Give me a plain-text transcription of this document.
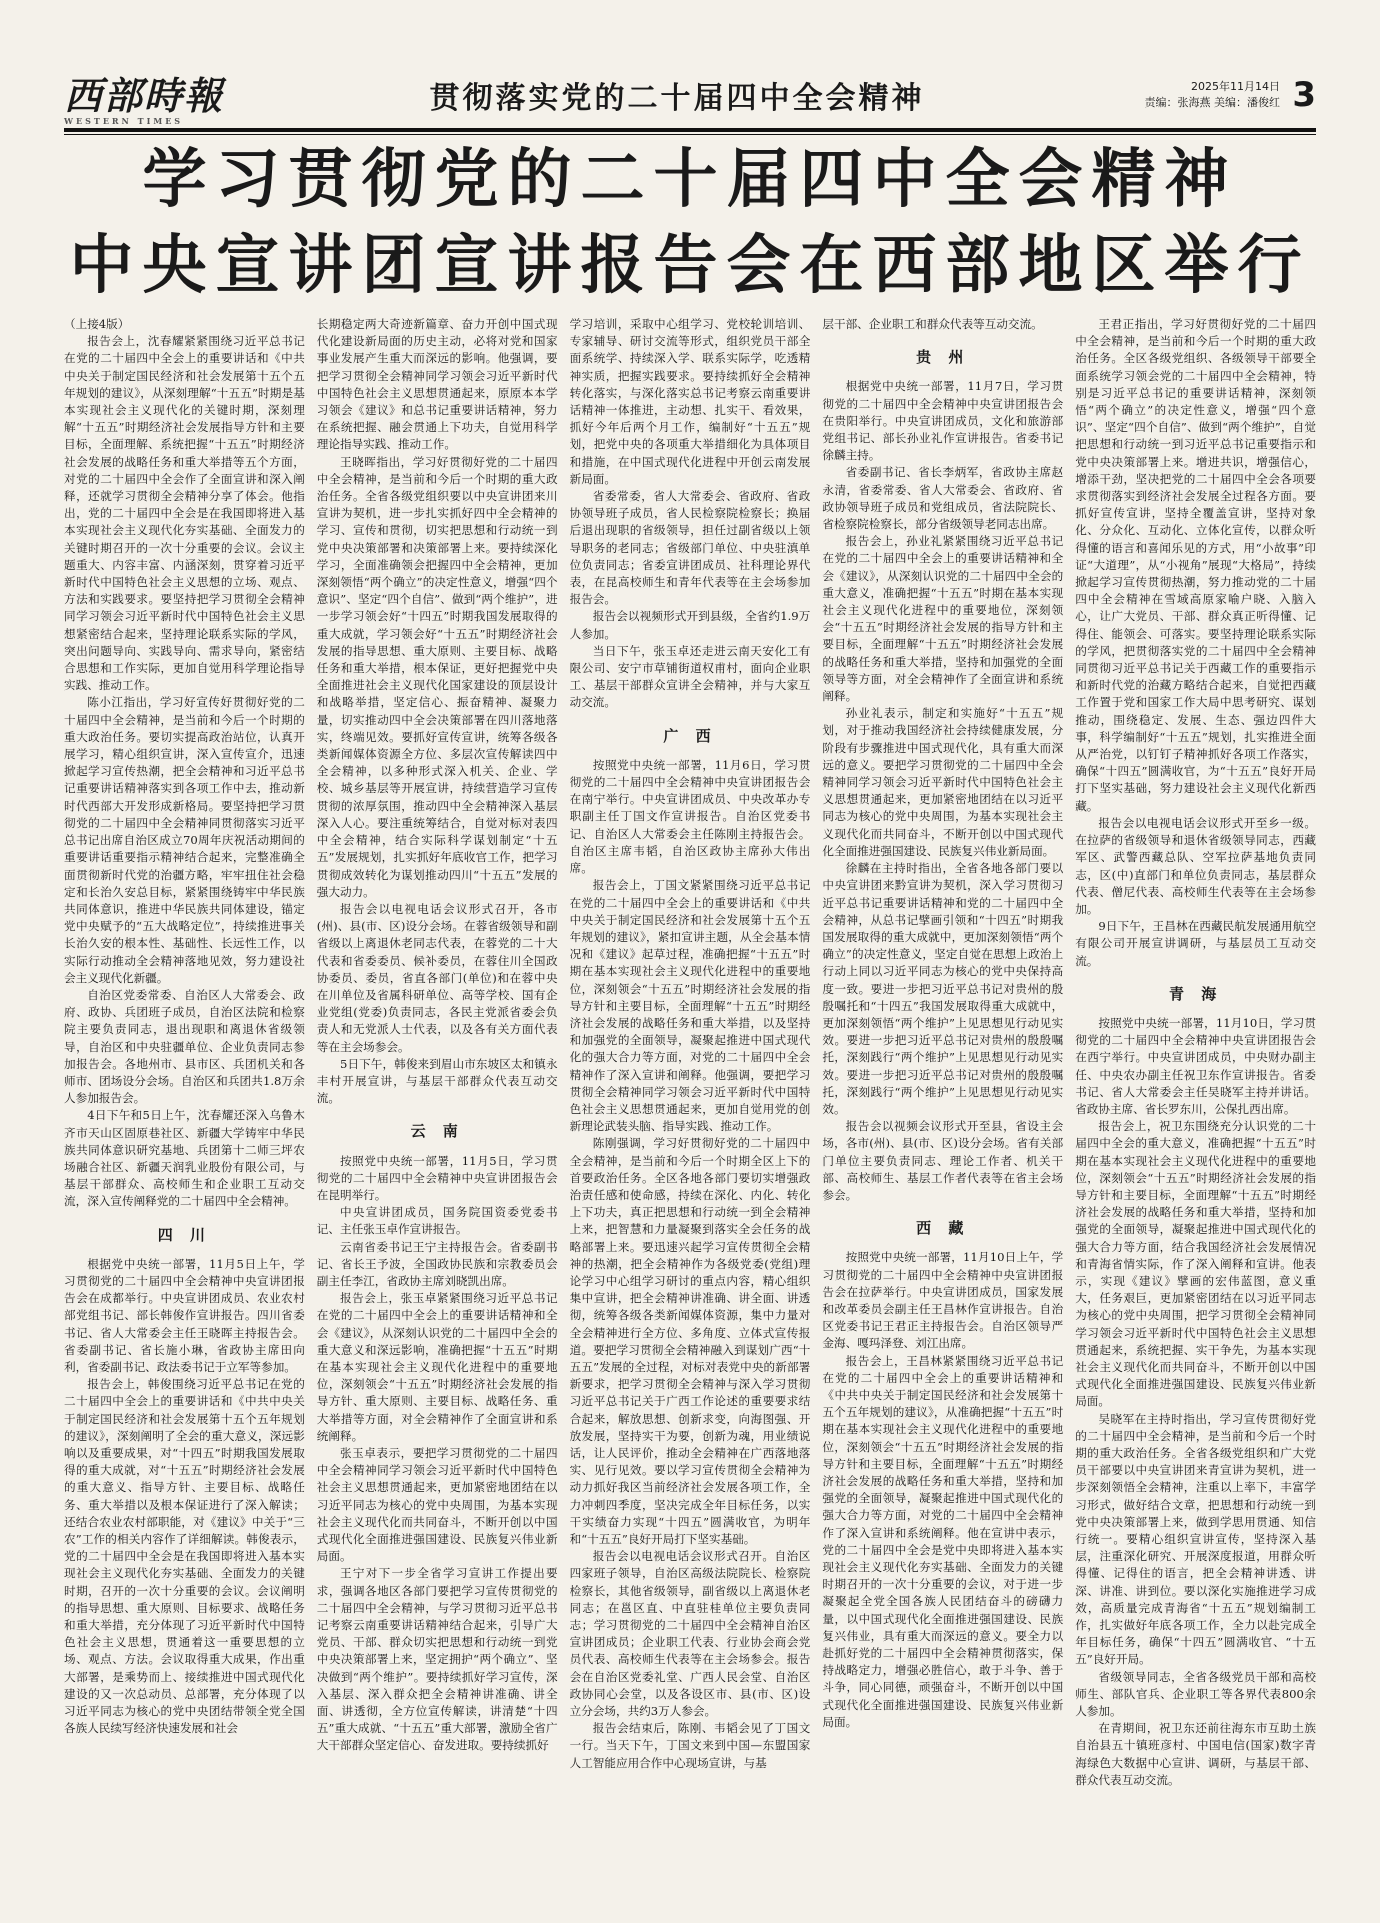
西部時報
WESTERN TIMES
贯彻落实党的二十届四中全会精神	2025年11月14日
责编：张海燕 美编：潘俊红 3
学习贯彻党的二十届四中全会精神
中央宣讲团宣讲报告会在西部地区举行

（上接4版）

报告会上，沈春耀紧紧围绕习近平总书记在党的二十届四中全会上的重要讲话和《中共中央关于制定国民经济和社会发展第十五个五年规划的建议》，从深刻理解“十五五”时期是基本实现社会主义现代化的关键时期，深刻理解“十五五”时期经济社会发展指导方针和主要目标，全面理解、系统把握“十五五”时期经济社会发展的战略任务和重大举措等五个方面，对党的二十届四中全会作了全面宣讲和深入阐释，还就学习贯彻全会精神分享了体会。他指出，党的二十届四中全会是在我国即将进入基本实现社会主义现代化夯实基础、全面发力的关键时期召开的一次十分重要的会议。会议主题重大、内容丰富、内涵深刻，贯穿着习近平新时代中国特色社会主义思想的立场、观点、方法和实践要求。要坚持把学习贯彻全会精神同学习领会习近平新时代中国特色社会主义思想紧密结合起来，坚持理论联系实际的学风，突出问题导向、实践导向、需求导向，紧密结合思想和工作实际，更加自觉用科学理论指导实践、推动工作。

陈小江指出，学习好宣传好贯彻好党的二十届四中全会精神，是当前和今后一个时期的重大政治任务。要切实提高政治站位，认真开展学习，精心组织宣讲，深入宣传宣介，迅速掀起学习宣传热潮，把全会精神和习近平总书记重要讲话精神落实到各项工作中去，推动新时代西部大开发形成新格局。要坚持把学习贯彻党的二十届四中全会精神同贯彻落实习近平总书记出席自治区成立70周年庆祝活动期间的重要讲话重要指示精神结合起来，完整准确全面贯彻新时代党的治疆方略，牢牢扭住社会稳定和长治久安总目标，紧紧围绕铸牢中华民族共同体意识，推进中华民族共同体建设，锚定党中央赋予的“五大战略定位”，持续推进事关长治久安的根本性、基础性、长远性工作，以实际行动推动全会精神落地见效，努力建设社会主义现代化新疆。

自治区党委常委、自治区人大常委会、政府、政协、兵团班子成员，自治区法院和检察院主要负责同志，退出现职和离退休省级领导，自治区和中央驻疆单位、企业负责同志参加报告会。各地州市、县市区、兵团机关和各师市、团场设分会场。自治区和兵团共1.8万余人参加报告会。

4日下午和5日上午，沈春耀还深入乌鲁木齐市天山区固原巷社区、新疆大学铸牢中华民族共同体意识研究基地、兵团第十二师三坪农场融合社区、新疆天润乳业股份有限公司，与基层干部群众、高校师生和企业职工互动交流，深入宣传阐释党的二十届四中全会精神。

四 川

根据党中央统一部署，11月5日上午，学习贯彻党的二十届四中全会精神中央宣讲团报告会在成都举行。中央宣讲团成员、农业农村部党组书记、部长韩俊作宣讲报告。四川省委书记、省人大常委会主任王晓晖主持报告会。省委副书记、省长施小琳，省政协主席田向利，省委副书记、政法委书记于立军等参加。

报告会上，韩俊围绕习近平总书记在党的二十届四中全会上的重要讲话和《中共中央关于制定国民经济和社会发展第十五个五年规划的建议》，深刻阐明了全会的重大意义，深远影响以及重要成果，对“十四五”时期我国发展取得的重大成就，对“十五五”时期经济社会发展的重大意义、指导方针、主要目标、战略任务、重大举措以及根本保证进行了深入解读；还结合农业农村部职能，对《建议》中关于“三农”工作的相关内容作了详细解读。韩俊表示，党的二十届四中全会是在我国即将进入基本实现社会主义现代化夯实基础、全面发力的关键时期，召开的一次十分重要的会议。会议阐明的指导思想、重大原则、目标要求、战略任务和重大举措，充分体现了习近平新时代中国特色社会主义思想，贯通着这一重要思想的立场、观点、方法。会议取得重大成果，作出重大部署，是乘势而上、接续推进中国式现代化建设的又一次总动员、总部署，充分体现了以习近平同志为核心的党中央团结带领全党全国各族人民续写经济快速发展和社会

长期稳定两大奇迹新篇章、奋力开创中国式现代化建设新局面的历史主动，必将对党和国家事业发展产生重大而深远的影响。他强调，要把学习贯彻全会精神同学习领会习近平新时代中国特色社会主义思想贯通起来，原原本本学习领会《建议》和总书记重要讲话精神，努力在系统把握、融会贯通上下功夫，自觉用科学理论指导实践、推动工作。

王晓晖指出，学习好贯彻好党的二十届四中全会精神，是当前和今后一个时期的重大政治任务。全省各级党组织要以中央宣讲团来川宣讲为契机，进一步扎实抓好四中全会精神的学习、宣传和贯彻，切实把思想和行动统一到党中央决策部署和决策部署上来。要持续深化学习，全面准确领会把握四中全会精神，更加深刻领悟“两个确立”的决定性意义，增强“四个意识”、坚定“四个自信”、做到“两个维护”，进一步学习领会好“十四五”时期我国发展取得的重大成就，学习领会好“十五五”时期经济社会发展的指导思想、重大原则、主要目标、战略任务和重大举措，根本保证，更好把握党中央全面推进社会主义现代化国家建设的顶层设计和战略举措，坚定信心、振奋精神、凝聚力量，切实推动四中全会决策部署在四川落地落实，终端见效。要抓好宣传宣讲，统筹各级各类新闻媒体资源全方位、多层次宣传解读四中全会精神，以多种形式深入机关、企业、学校、城乡基层等开展宣讲，持续营造学习宣传贯彻的浓厚氛围，推动四中全会精神深入基层深入人心。要注重统筹结合，自觉对标对表四中全会精神，结合实际科学谋划制定“十五五”发展规划，扎实抓好年底收官工作，把学习贯彻成效转化为谋划推动四川“十五五”发展的强大动力。

报告会以电视电话会议形式召开，各市(州)、县(市、区)设分会场。在蓉省级领导和副省级以上离退休老同志代表，在蓉党的二十大代表和省委委员、候补委员，在蓉住川全国政协委员、委员，省直各部门(单位)和在蓉中央在川单位及省属科研单位、高等学校、国有企业党组(党委)负责同志，各民主党派省委会负责人和无党派人士代表，以及各有关方面代表等在主会场参会。

5日下午，韩俊来到眉山市东坡区太和镇永丰村开展宣讲，与基层干部群众代表互动交流。

云 南

按照党中央统一部署，11月5日，学习贯彻党的二十届四中全会精神中央宣讲团报告会在昆明举行。

中央宣讲团成员，国务院国资委党委书记、主任张玉卓作宣讲报告。

云南省委书记王宁主持报告会。省委副书记、省长王予波，全国政协民族和宗教委员会副主任李江，省政协主席刘晓凯出席。

报告会上，张玉卓紧紧围绕习近平总书记在党的二十届四中全会上的重要讲话精神和全会《建议》，从深刻认识党的二十届四中全会的重大意义和深远影响，准确把握“十五五”时期在基本实现社会主义现代化进程中的重要地位，深刻领会“十五五”时期经济社会发展的指导方针、重大原则、主要目标、战略任务、重大举措等方面，对全会精神作了全面宣讲和系统阐释。

张玉卓表示，要把学习贯彻党的二十届四中全会精神同学习领会习近平新时代中国特色社会主义思想贯通起来，更加紧密地团结在以习近平同志为核心的党中央周围，为基本实现社会主义现代化而共同奋斗，不断开创以中国式现代化全面推进强国建设、民族复兴伟业新局面。

王宁对下一步全省学习宣讲工作提出要求，强调各地区各部门要把学习宣传贯彻党的二十届四中全会精神，与学习贯彻习近平总书记考察云南重要讲话精神结合起来，引导广大党员、干部、群众切实把思想和行动统一到党中央决策部署上来，坚定拥护“两个确立”、坚决做到“两个维护”。要持续抓好学习宣传，深入基层、深入群众把全会精神讲准确、讲全面、讲透彻，全方位宣传解读，讲清楚“十四五”重大成就、“十五五”重大部署，激励全省广大干部群众坚定信心、奋发进取。要持续抓好

学习培训，采取中心组学习、党校轮训培训、专家辅导、研讨交流等形式，组织党员干部全面系统学、持续深入学、联系实际学，吃透精神实质，把握实践要求。要持续抓好全会精神转化落实，与深化落实总书记考察云南重要讲话精神一体推进，主动想、扎实干、看效果，抓好今年后两个月工作，编制好“十五五”规划，把党中央的各项重大举措细化为具体项目和措施，在中国式现代化进程中开创云南发展新局面。

省委常委，省人大常委会、省政府、省政协领导班子成员，省人民检察院检察长；换届后退出现职的省级领导，担任过副省级以上领导职务的老同志；省级部门单位、中央驻滇单位负责同志；省委宣讲团成员、社科理论界代表，在昆高校师生和青年代表等在主会场参加报告会。

报告会以视频形式开到县级，全省约1.9万人参加。

当日下午，张玉卓还走进云南天安化工有限公司、安宁市草铺街道权甫村，面向企业职工、基层干部群众宣讲全会精神，并与大家互动交流。

广 西

按照党中央统一部署，11月6日，学习贯彻党的二十届四中全会精神中央宣讲团报告会在南宁举行。中央宣讲团成员、中央改革办专职副主任丁国文作宣讲报告。自治区党委书记、自治区人大常委会主任陈刚主持报告会。自治区主席韦韬，自治区政协主席孙大伟出席。

报告会上，丁国文紧紧围绕习近平总书记在党的二十届四中全会上的重要讲话和《中共中央关于制定国民经济和社会发展第十五个五年规划的建议》，紧扣宣讲主题，从全会基本情况和《建议》起草过程，准确把握“十五五”时期在基本实现社会主义现代化进程中的重要地位，深刻领会“十五五”时期经济社会发展的指导方针和主要目标，全面理解“十五五”时期经济社会发展的战略任务和重大举措，以及坚持和加强党的全面领导，凝聚起推进中国式现代化的强大合力等方面，对党的二十届四中全会精神作了深入宣讲和阐释。他强调，要把学习贯彻全会精神同学习领会习近平新时代中国特色社会主义思想贯通起来，更加自觉用党的创新理论武装头脑、指导实践、推动工作。

陈刚强调，学习好贯彻好党的二十届四中全会精神，是当前和今后一个时期全区上下的首要政治任务。全区各地各部门要切实增强政治责任感和使命感，持续在深化、内化、转化上下功夫，真正把思想和行动统一到全会精神上来，把智慧和力量凝聚到落实全会任务的战略部署上来。要迅速兴起学习宣传贯彻全会精神的热潮，把全会精神作为各级党委(党组)理论学习中心组学习研讨的重点内容，精心组织集中宣讲，把全会精神讲准确、讲全面、讲透彻，统筹各级各类新闻媒体资源，集中力量对全会精神进行全方位、多角度、立体式宣传报道。要把学习贯彻全会精神融入到谋划广西“十五五”发展的全过程，对标对表党中央的新部署新要求，把学习贯彻全会精神与深入学习贯彻习近平总书记关于广西工作论述的重要要求结合起来，解放思想、创新求变，向海图强、开放发展，坚持实干为要，创新为魂，用业绩说话，让人民评价，推动全会精神在广西落地落实、见行见效。要以学习宣传贯彻全会精神为动力抓好我区当前经济社会发展各项工作，全力冲刺四季度，坚决完成全年目标任务，以实干实绩奋力实现“十四五”圆满收官，为明年和“十五五”良好开局打下坚实基础。

报告会以电视电话会议形式召开。自治区四家班子领导，自治区高级法院院长、检察院检察长，其他省级领导，副省级以上离退休老同志；在邕区直、中直驻桂单位主要负责同志；学习贯彻党的二十届四中全会精神自治区宣讲团成员；企业职工代表、行业协会商会党员代表、高校师生代表等在主会场参会。报告会在自治区党委礼堂、广西人民会堂、自治区政协同心会堂，以及各设区市、县(市、区)设立分会场，共约3万人参会。

报告会结束后，陈刚、韦韬会见了丁国文一行。当天下午，丁国文来到中国—东盟国家人工智能应用合作中心现场宣讲，与基

层干部、企业职工和群众代表等互动交流。

贵 州

根据党中央统一部署，11月7日，学习贯彻党的二十届四中全会精神中央宣讲团报告会在贵阳举行。中央宣讲团成员，文化和旅游部党组书记、部长孙业礼作宣讲报告。省委书记徐麟主持。

省委副书记、省长李炳军，省政协主席赵永清，省委常委、省人大常委会、省政府、省政协领导班子成员和党组成员，省法院院长、省检察院检察长，部分省级领导老同志出席。

报告会上，孙业礼紧紧围绕习近平总书记在党的二十届四中全会上的重要讲话精神和全会《建议》，从深刻认识党的二十届四中全会的重大意义，准确把握“十五五”时期在基本实现社会主义现代化进程中的重要地位，深刻领会“十五五”时期经济社会发展的指导方针和主要目标，全面理解“十五五”时期经济社会发展的战略任务和重大举措，坚持和加强党的全面领导等方面，对全会精神作了全面宣讲和系统阐释。

孙业礼表示，制定和实施好“十五五”规划，对于推动我国经济社会持续健康发展，分阶段有步骤推进中国式现代化，具有重大而深远的意义。要把学习贯彻党的二十届四中全会精神同学习领会习近平新时代中国特色社会主义思想贯通起来，更加紧密地团结在以习近平同志为核心的党中央周围，为基本实现社会主义现代化而共同奋斗，不断开创以中国式现代化全面推进强国建设、民族复兴伟业新局面。

徐麟在主持时指出，全省各地各部门要以中央宣讲团来黔宣讲为契机，深入学习贯彻习近平总书记重要讲话精神和党的二十届四中全会精神，从总书记擘画引领和“十四五”时期我国发展取得的重大成就中，更加深刻领悟“两个确立”的决定性意义，坚定自觉在思想上政治上行动上同以习近平同志为核心的党中央保持高度一致。要进一步把习近平总书记对贵州的殷殷嘱托和“十四五”我国发展取得重大成就中，更加深刻领悟“两个维护”上见思想见行动见实效。要进一步把习近平总书记对贵州的殷殷嘱托，深刻践行“两个维护”上见思想见行动见实效。要进一步把习近平总书记对贵州的殷殷嘱托，深刻践行“两个维护”上见思想见行动见实效。

报告会以视频会议形式开至县，省设主会场，各市(州)、县(市、区)设分会场。省有关部门单位主要负责同志、理论工作者、机关干部、高校师生、基层工作者代表等在省主会场参会。

西 藏

按照党中央统一部署，11月10日上午，学习贯彻党的二十届四中全会精神中央宣讲团报告会在拉萨举行。中央宣讲团成员，国家发展和改革委员会副主任王昌林作宣讲报告。自治区党委书记王君正主持报告会。自治区领导严金海、嘎玛泽登、刘江出席。

报告会上，王昌林紧紧围绕习近平总书记在党的二十届四中全会上的重要讲话精神和《中共中央关于制定国民经济和社会发展第十五个五年规划的建议》，从准确把握“十五五”时期在基本实现社会主义现代化进程中的重要地位，深刻领会“十五五”时期经济社会发展的指导方针和主要目标，全面理解“十五五”时期经济社会发展的战略任务和重大举措，坚持和加强党的全面领导，凝聚起推进中国式现代化的强大合力等方面，对党的二十届四中全会精神作了深入宣讲和系统阐释。他在宣讲中表示，党的二十届四中全会是党中央即将进入基本实现社会主义现代化夯实基础、全面发力的关键时期召开的一次十分重要的会议，对于进一步凝聚起全党全国各族人民团结奋斗的磅礴力量，以中国式现代化全面推进强国建设、民族复兴伟业，具有重大而深远的意义。要全力以赴抓好党的二十届四中全会精神贯彻落实，保持战略定力，增强必胜信心，敢于斗争、善于斗争，同心同德，顽强奋斗，不断开创以中国式现代化全面推进强国建设、民族复兴伟业新局面。

王君正指出，学习好贯彻好党的二十届四中全会精神，是当前和今后一个时期的重大政治任务。全区各级党组织、各级领导干部要全面系统学习领会党的二十届四中全会精神，特别是习近平总书记的重要讲话精神，深刻领悟“两个确立”的决定性意义，增强“四个意识”、坚定“四个自信”、做到“两个维护”，自觉把思想和行动统一到习近平总书记重要指示和党中央决策部署上来。增进共识，增强信心，增添干劲，坚决把党的二十届四中全会各项要求贯彻落实到经济社会发展全过程各方面。要抓好宣传宣讲，坚持全覆盖宣讲，坚持对象化、分众化、互动化、立体化宣传，以群众听得懂的语言和喜闻乐见的方式，用“小故事”印证“大道理”，从“小视角”展现“大格局”，持续掀起学习宣传贯彻热潮，努力推动党的二十届四中全会精神在雪域高原家喻户晓、入脑入心，让广大党员、干部、群众真正听得懂、记得住、能领会、可落实。要坚持理论联系实际的学风，把贯彻落实党的二十届四中全会精神同贯彻习近平总书记关于西藏工作的重要指示和新时代党的治藏方略结合起来，自觉把西藏工作置于党和国家工作大局中思考研究、谋划推动，围绕稳定、发展、生态、强边四件大事，科学编制好“十五五”规划，扎实推进全面从严治党，以钉钉子精神抓好各项工作落实，确保“十四五”圆满收官，为“十五五”良好开局打下坚实基础，努力建设社会主义现代化新西藏。

报告会以电视电话会议形式开至乡一级。在拉萨的省级领导和退休省级领导同志，西藏军区、武警西藏总队、空军拉萨基地负责同志，区(中)直部门和单位负责同志，基层群众代表、僧尼代表、高校师生代表等在主会场参加。

9日下午，王昌林在西藏民航发展通用航空有限公司开展宣讲调研，与基层员工互动交流。

青 海

按照党中央统一部署，11月10日，学习贯彻党的二十届四中全会精神中央宣讲团报告会在西宁举行。中央宣讲团成员，中央财办副主任、中央农办副主任祝卫东作宣讲报告。省委书记、省人大常委会主任吴晓军主持并讲话。省政协主席、省长罗东川，公保扎西出席。

报告会上，祝卫东围绕充分认识党的二十届四中全会的重大意义，准确把握“十五五”时期在基本实现社会主义现代化进程中的重要地位，深刻领会“十五五”时期经济社会发展的指导方针和主要目标，全面理解“十五五”时期经济社会发展的战略任务和重大举措，坚持和加强党的全面领导，凝聚起推进中国式现代化的强大合力等方面，结合我国经济社会发展情况和青海省情实际，作了深入阐释和宣讲。他表示，实现《建议》擘画的宏伟蓝图，意义重大，任务艰巨，更加紧密团结在以习近平同志为核心的党中央周围，把学习贯彻全会精神同学习领会习近平新时代中国特色社会主义思想贯通起来，系统把握、实干争先，为基本实现社会主义现代化而共同奋斗，不断开创以中国式现代化全面推进强国建设、民族复兴伟业新局面。

吴晓军在主持时指出，学习宣传贯彻好党的二十届四中全会精神，是当前和今后一个时期的重大政治任务。全省各级党组织和广大党员干部要以中央宣讲团来青宣讲为契机，进一步深刻领悟全会精神，注重以上率下，丰富学习形式，做好结合文章，把思想和行动统一到党中央决策部署上来，做到学思用贯通、知信行统一。要精心组织宣讲宣传，坚持深入基层，注重深化研究、开展深度报道，用群众听得懂、记得住的语言，把全会精神讲透、讲深、讲准、讲到位。要以深化实施推进学习成效，高质量完成青海省“十五五”规划编制工作，扎实做好年底各项工作，全力以赴完成全年目标任务，确保“十四五”圆满收官、“十五五”良好开局。

省级领导同志，全省各级党员干部和高校师生、部队官兵、企业职工等各界代表800余人参加。

在青期间，祝卫东还前往海东市互助土族自治县五十镇班彦村、中国电信(国家)数字青海绿色大数据中心宣讲、调研，与基层干部、群众代表互动交流。
